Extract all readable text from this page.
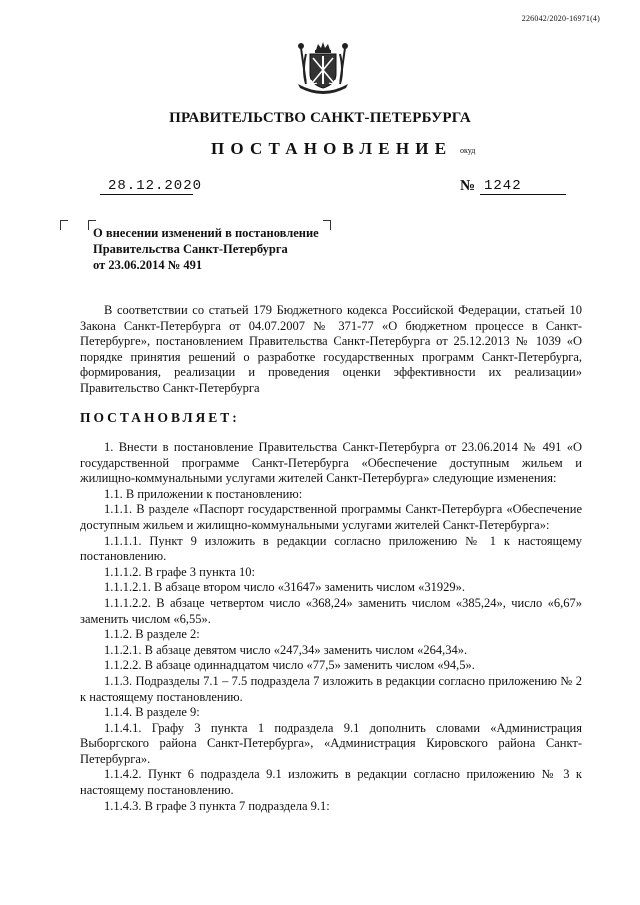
226042/2020-16971(4)
ПРАВИТЕЛЬСТВО САНКТ-ПЕТЕРБУРГА
ПОСТАНОВЛЕНИЕ окуд
28.12.2020	№ 1242
О внесении изменений в постановление
Правительства Санкт-Петербурга
от 23.06.2014 № 491

В соответствии со статьей 179 Бюджетного кодекса Российской Федерации, статьей 10 Закона Санкт-Петербурга от 04.07.2007 № 371-77 «О бюджетном процессе в Санкт-Петербурге», постановлением Правительства Санкт-Петербурга от 25.12.2013 № 1039 «О порядке принятия решений о разработке государственных программ Санкт-Петербурга, формирования, реализации и проведения оценки эффективности их реализации» Правительство Санкт-Петербурга

ПОСТАНОВЛЯЕТ:

1. Внести в постановление Правительства Санкт-Петербурга от 23.06.2014 № 491 «О государственной программе Санкт-Петербурга «Обеспечение доступным жильем и жилищно-коммунальными услугами жителей Санкт-Петербурга» следующие изменения:

1.1. В приложении к постановлению:

1.1.1. В разделе «Паспорт государственной программы Санкт-Петербурга «Обеспечение доступным жильем и жилищно-коммунальными услугами жителей Санкт-Петербурга»:

1.1.1.1. Пункт 9 изложить в редакции согласно приложению № 1 к настоящему постановлению.

1.1.1.2. В графе 3 пункта 10:

1.1.1.2.1. В абзаце втором число «31647» заменить числом «31929».

1.1.1.2.2. В абзаце четвертом число «368,24» заменить числом «385,24», число «6,67» заменить числом «6,55».

1.1.2. В разделе 2:

1.1.2.1. В абзаце девятом число «247,34» заменить числом «264,34».

1.1.2.2. В абзаце одиннадцатом число «77,5» заменить числом «94,5».

1.1.3. Подразделы 7.1 – 7.5 подраздела 7 изложить в редакции согласно приложению № 2 к настоящему постановлению.

1.1.4. В разделе 9:

1.1.4.1. Графу 3 пункта 1 подраздела 9.1 дополнить словами «Администрация Выборгского района Санкт-Петербурга», «Администрация Кировского района Санкт-Петербурга».

1.1.4.2. Пункт 6 подраздела 9.1 изложить в редакции согласно приложению № 3 к настоящему постановлению.

1.1.4.3. В графе 3 пункта 7 подраздела 9.1:
